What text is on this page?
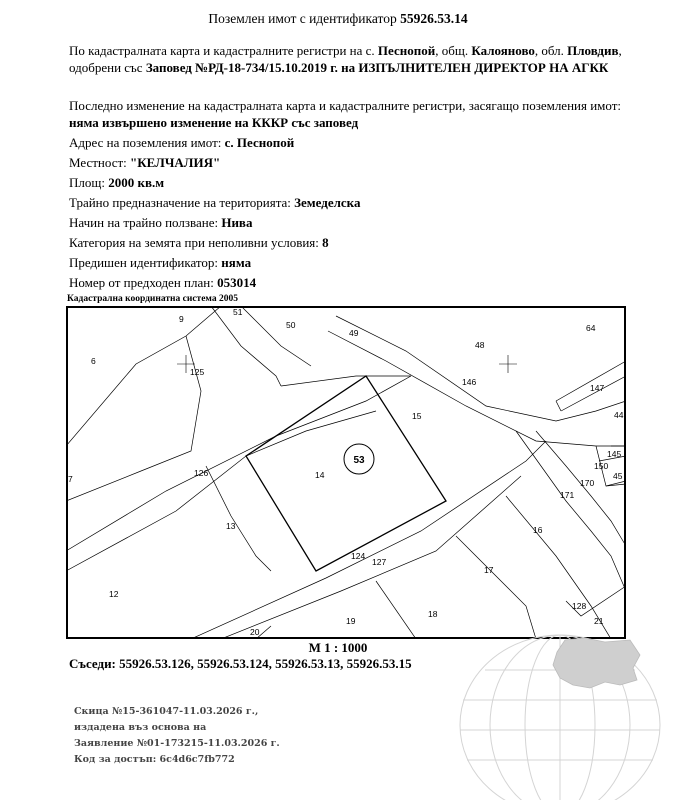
Поземлен имот с идентификатор 55926.53.14
По кадастралната карта и кадастралните регистри на с. Песнопой, общ. Калояново, обл. Пловдив, одобрени със Заповед №РД-18-734/15.10.2019 г. на ИЗПЪЛНИТЕЛЕН ДИРЕКТОР НА АГКК
Последно изменение на кадастралната карта и кадастралните регистри, засягащо поземления имот: няма извършено изменение на КККР със заповед
Адрес на поземления имот: с. Песнопой
Местност: "КЕЛЧАЛИЯ"
Площ: 2000 кв.м
Трайно предназначение на територията: Земеделска
Начин на трайно ползване: Нива
Категория на земята при неполивни условия: 8
Предишен идентификатор: няма
Номер от предходен план: 053014
Кадастрална координатна система 2005
53
9
51
50
49
48
64
6
125
146
147
44
15
14
126
145
150
45
170
171
13	16
124
127
17
12
128
21
18
19
20
7
М 1 : 1000
Съседи: 55926.53.126, 55926.53.124, 55926.53.13, 55926.53.15
Скица №15-361047-11.03.2026 г.,
издадена въз основа на
Заявление №01-173215-11.03.2026 г.
Код за достъп: 6c4d6c7fb772
